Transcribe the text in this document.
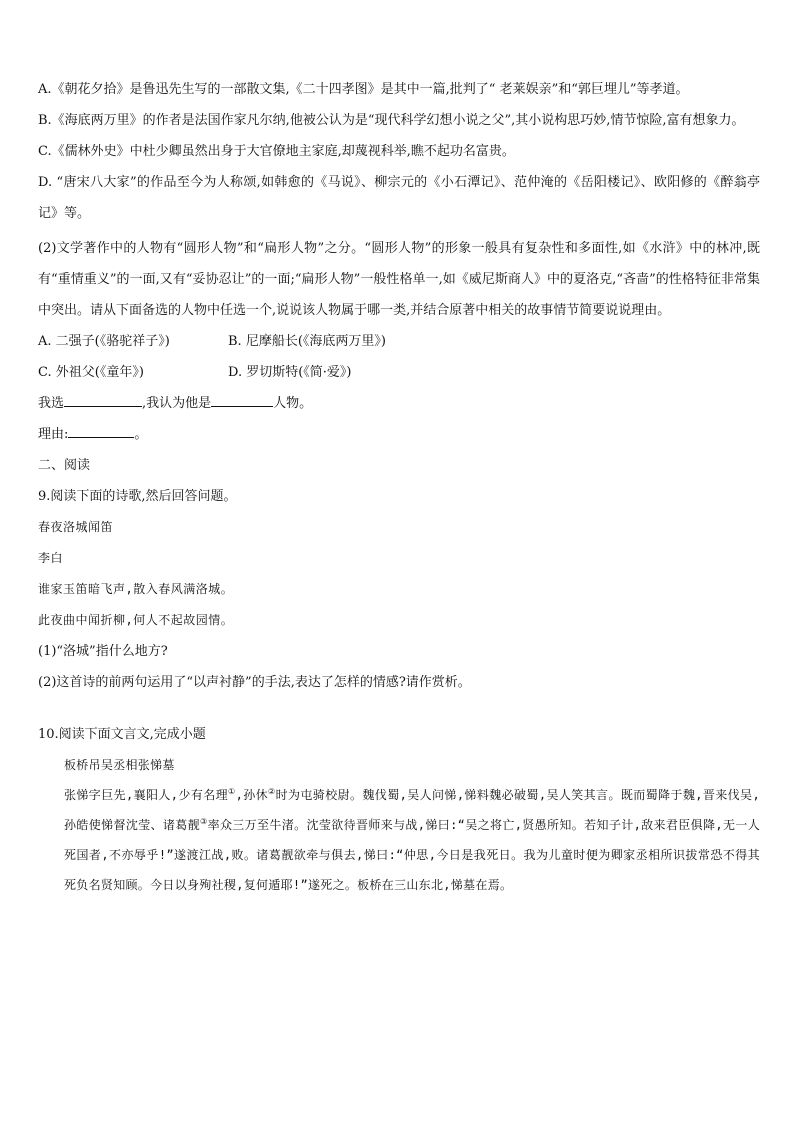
A.《朝花夕拾》是鲁迅先生写的一部散文集,《二十四孝图》是其中一篇,批判了“ 老莱娱亲”和“郭巨埋儿”等孝道。

B.《海底两万里》的作者是法国作家凡尔纳,他被公认为是“现代科学幻想小说之父”,其小说构思巧妙,情节惊险,富有想象力。

C.《儒林外史》中杜少卿虽然出身于大官僚地主家庭,却蔑视科举,瞧不起功名富贵。

D. “唐宋八大家”的作品至今为人称颂,如韩愈的《马说》、柳宗元的《小石潭记》、范仲淹的《岳阳楼记》、欧阳修的《醉翁亭记》等。

(2)文学著作中的人物有“圆形人物”和“扁形人物”之分。“圆形人物”的形象一般具有复杂性和多面性,如《水浒》中的林冲,既有“重情重义”的一面,又有“妥协忍让”的一面;“扁形人物”一般性格单一,如《威尼斯商人》中的夏洛克,“吝啬”的性格特征非常集中突出。请从下面备选的人物中任选一个,说说该人物属于哪一类,并结合原著中相关的故事情节简要说说理由。

A. 二强子(《骆驼祥子》)	B. 尼摩船长(《海底两万里》)
C. 外祖父(《童年》)	D. 罗切斯特(《简·爱》)

我选	,我认为他是	人物。

理由:	。

二、阅读

9.阅读下面的诗歌,然后回答问题。

春夜洛城闻笛

李白

谁家玉笛暗飞声,散入春风满洛城。

此夜曲中闻折柳,何人不起故园情。

(1)“洛城”指什么地方?

(2)这首诗的前两句运用了“以声衬静”的手法,表达了怎样的情感?请作赏析。

10.阅读下面文言文,完成小题

板桥吊吴丞相张悌墓

张悌字巨先,襄阳人,少有名理①,孙休②时为屯骑校尉。魏伐蜀,吴人问悌,悌料魏必破蜀,吴人笑其言。既而蜀降于魏,晋来伐吴,孙皓使悌督沈莹、诸葛靓③率众三万至牛渚。沈莹欲待晋师来与战,悌曰:“吴之将亡,贤愚所知。若知子计,敌来君臣俱降,无一人死国者,不亦辱乎!”遂渡江战,败。诸葛靓欲牵与俱去,悌曰:“仲思,今日是我死日。我为儿童时便为卿家丞相所识拔常恐不得其死负名贤知顾。今日以身殉社稷,复何遁耶!”遂死之。板桥在三山东北,悌墓在焉。
